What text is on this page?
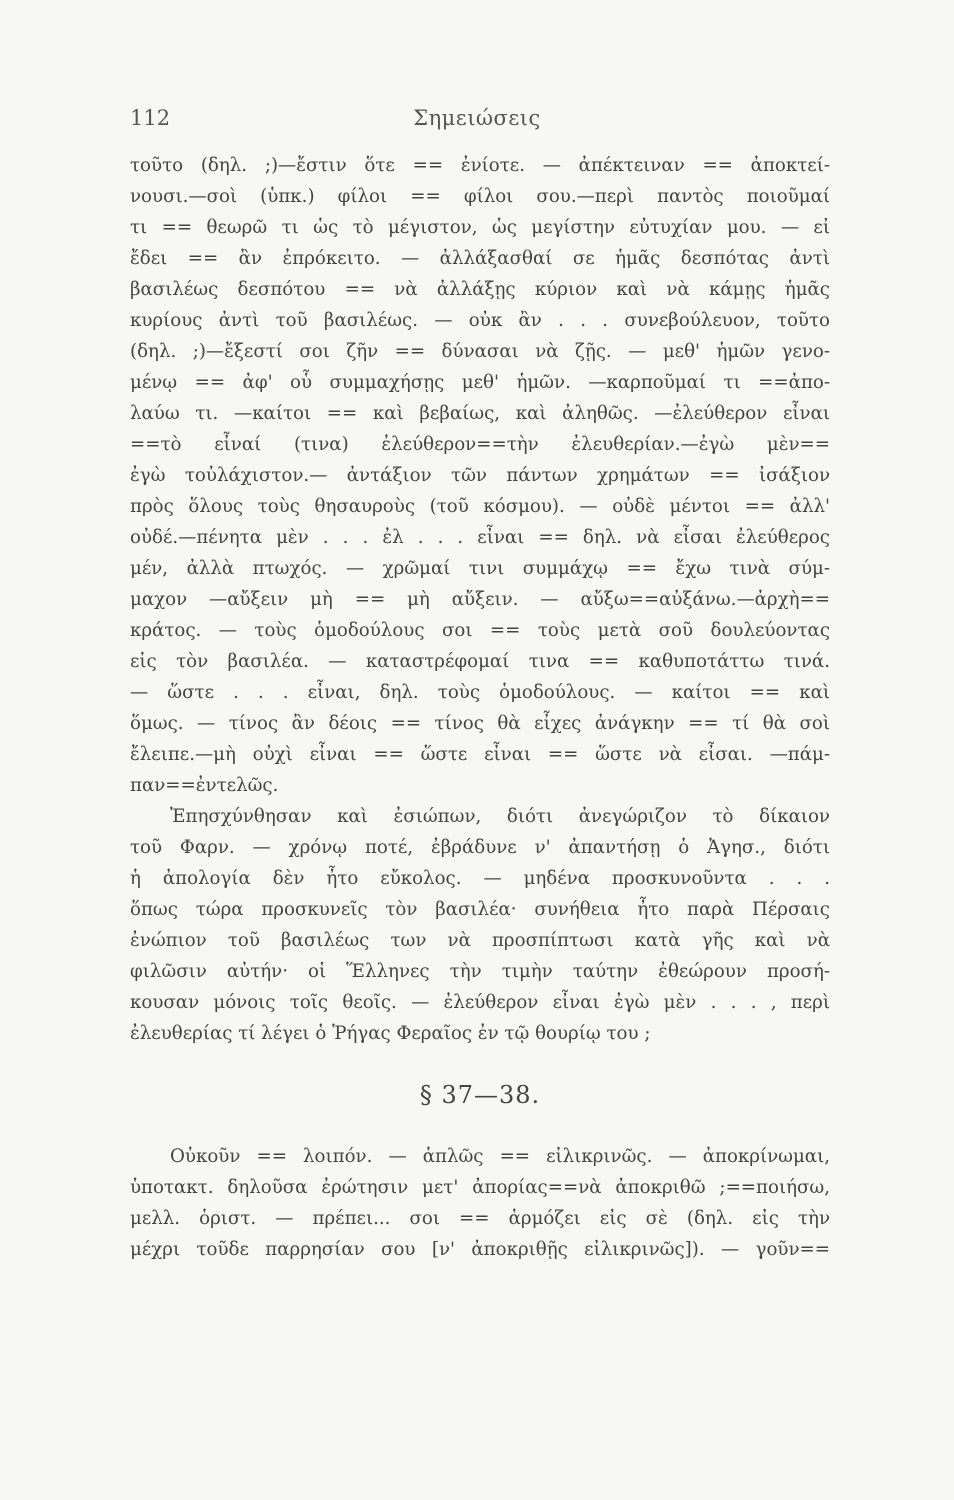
112	Σημειώσεις
τοῦτο (δηλ. ;)—ἔστιν ὅτε == ἐνίοτε. — ἀπέκτειναν == ἀποκτεί-
νουσι.—σοὶ (ὑπκ.) φίλοι == φίλοι σου.—περὶ παντὸς ποιοῦμαί
τι == θεωρῶ τι ὡς τὸ μέγιστον, ὡς μεγίστην εὐτυχίαν μου. — εἰ
ἔδει == ἂν ἐπρόκειτο. — ἀλλάξασθαί σε ἡμᾶς δεσπότας ἀντὶ
βασιλέως δεσπότου == νὰ ἀλλάξῃς κύριον καὶ νὰ κάμῃς ἡμᾶς
κυρίους ἀντὶ τοῦ βασιλέως. — οὐκ ἂν . . . συνεβούλευον, τοῦτο
(δηλ. ;)—ἔξεστί σοι ζῆν == δύνασαι νὰ ζῇς. — μεθ' ἡμῶν γενο-
μένῳ == ἀφ' οὗ συμμαχήσῃς μεθ' ἡμῶν. —καρποῦμαί τι ==ἀπο-
λαύω τι. —καίτοι == καὶ βεβαίως, καὶ ἀληθῶς. —ἐλεύθερον εἶναι
==τὸ εἶναί (τινα) ἐλεύθερον==τὴν ἐλευθερίαν.—ἐγὼ μὲν==
ἐγὼ τοὐλάχιστον.— ἀντάξιον τῶν πάντων χρημάτων == ἰσάξιον
πρὸς ὅλους τοὺς θησαυροὺς (τοῦ κόσμου). — οὐδὲ μέντοι == ἀλλ'
οὐδέ.—πένητα μὲν . . . ἐλ . . . εἶναι == δηλ. νὰ εἶσαι ἐλεύθερος
μέν, ἀλλὰ πτωχός. — χρῶμαί τινι συμμάχῳ == ἔχω τινὰ σύμ-
μαχον —αὔξειν μὴ == μὴ αὔξειν. — αὔξω==αὐξάνω.—ἀρχὴ==
κράτος. — τοὺς ὁμοδούλους σοι == τοὺς μετὰ σοῦ δουλεύοντας
εἰς τὸν βασιλέα. — καταστρέφομαί τινα == καθυποτάττω τινά.
— ὥστε . . . εἶναι, δηλ. τοὺς ὁμοδούλους. — καίτοι == καὶ
ὅμως. — τίνος ἂν δέοις == τίνος θὰ εἶχες ἀνάγκην == τί θὰ σοὶ
ἔλειπε.—μὴ οὐχὶ εἶναι == ὥστε εἶναι == ὥστε νὰ εἶσαι. —πάμ-
παν==ἐντελῶς.
Ἐπησχύνθησαν καὶ ἐσιώπων, διότι ἀνεγώριζον τὸ δίκαιον
τοῦ Φαρν. — χρόνῳ ποτέ, ἐβράδυνε ν' ἀπαντήσῃ ὁ Ἀγησ., διότι
ἡ ἀπολογία δὲν ἦτο εὔκολος. — μηδένα προσκυνοῦντα . . .
ὅπως τώρα προσκυνεῖς τὸν βασιλέα· συνήθεια ἦτο παρὰ Πέρσαις
ἐνώπιον τοῦ βασιλέως των νὰ προσπίπτωσι κατὰ γῆς καὶ νὰ
φιλῶσιν αὐτήν· οἱ Ἕλληνες τὴν τιμὴν ταύτην ἐθεώρουν προσή-
κουσαν μόνοις τοῖς θεοῖς. — ἐλεύθερον εἶναι ἐγὼ μὲν . . . , περὶ
ἐλευθερίας τί λέγει ὁ Ῥήγας Φεραῖος ἐν τῷ θουρίῳ του ;
§ 37—38.
Οὐκοῦν == λοιπόν. — ἁπλῶς == εἰλικρινῶς. — ἀποκρίνωμαι,
ὑποτακτ. δηλοῦσα ἐρώτησιν μετ' ἀπορίας==νὰ ἀποκριθῶ ;==ποιήσω,
μελλ. ὁριστ. — πρέπει... σοι == ἁρμόζει εἰς σὲ (δηλ. εἰς τὴν
μέχρι τοῦδε παρρησίαν σου [ν' ἀποκριθῇς εἰλικρινῶς]). — γοῦν==
